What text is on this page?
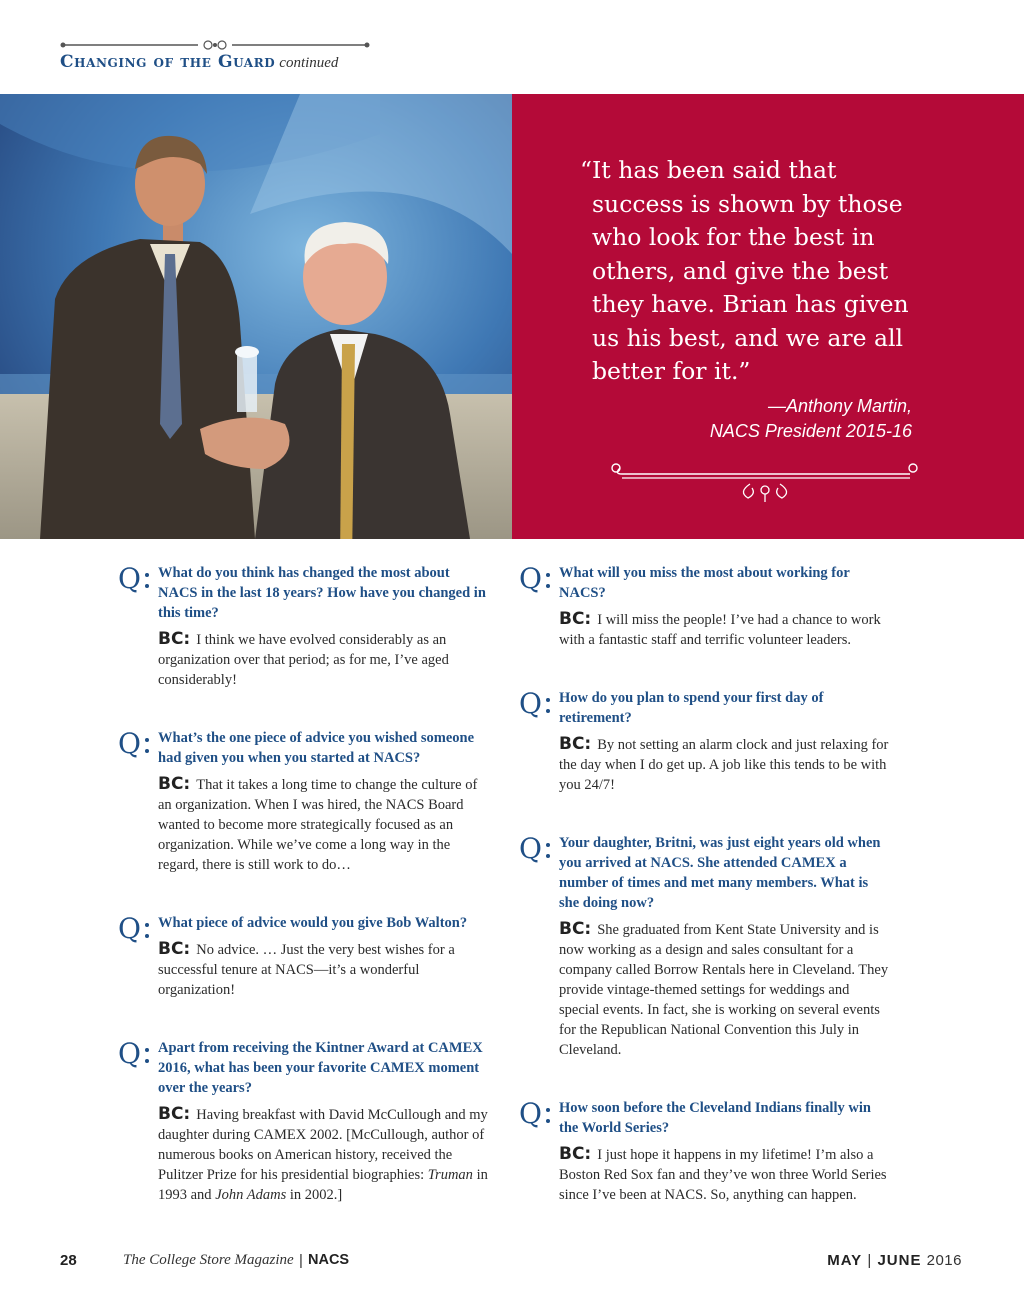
Changing of the Guard continued

“It has been said that success is shown by those who look for the best in others, and give the best they have. Brian has given us his best, and we are all better for it.”

—Anthony Martin,
NACS President 2015-16
Q What do you think has changed the most about NACS in the last 18 years? How have you changed in this time?

BC: I think we have evolved considerably as an organization over that period; as for me, I’ve aged considerably!

Q What’s the one piece of advice you wished someone had given you when you started at NACS?

BC: That it takes a long time to change the culture of an organization. When I was hired, the NACS Board wanted to become more strategically focused as an organization. While we’ve come a long way in the regard, there is still work to do…

Q What piece of advice would you give Bob Walton?

BC: No advice. … Just the very best wishes for a successful tenure at NACS—it’s a wonderful organization!

Q Apart from receiving the Kintner Award at CAMEX 2016, what has been your favorite CAMEX moment over the years?

BC: Having breakfast with David McCullough and my daughter during CAMEX 2002. [McCullough, author of numerous books on American history, received the Pulitzer Prize for his presidential biographies: Truman in 1993 and John Adams in 2002.]

Q What will you miss the most about working for NACS?

BC: I will miss the people! I’ve had a chance to work with a fantastic staff and terrific volunteer leaders.

Q How do you plan to spend your first day of retirement?

BC: By not setting an alarm clock and just relaxing for the day when I do get up. A job like this tends to be with you 24/7!

Q Your daughter, Britni, was just eight years old when you arrived at NACS. She attended CAMEX a number of times and met many members. What is she doing now?

BC: She graduated from Kent State University and is now working as a design and sales consultant for a company called Borrow Rentals here in Cleveland. They provide vintage-themed settings for weddings and special events. In fact, she is working on several events for the Republican National Convention this July in Cleveland.

Q How soon before the Cleveland Indians finally win the World Series?

BC: I just hope it happens in my lifetime! I’m also a Boston Red Sox fan and they’ve won three World Series since I’ve been at NACS. So, anything can happen.

28	The College Store Magazine | NACS	MAY | JUNE 2016
